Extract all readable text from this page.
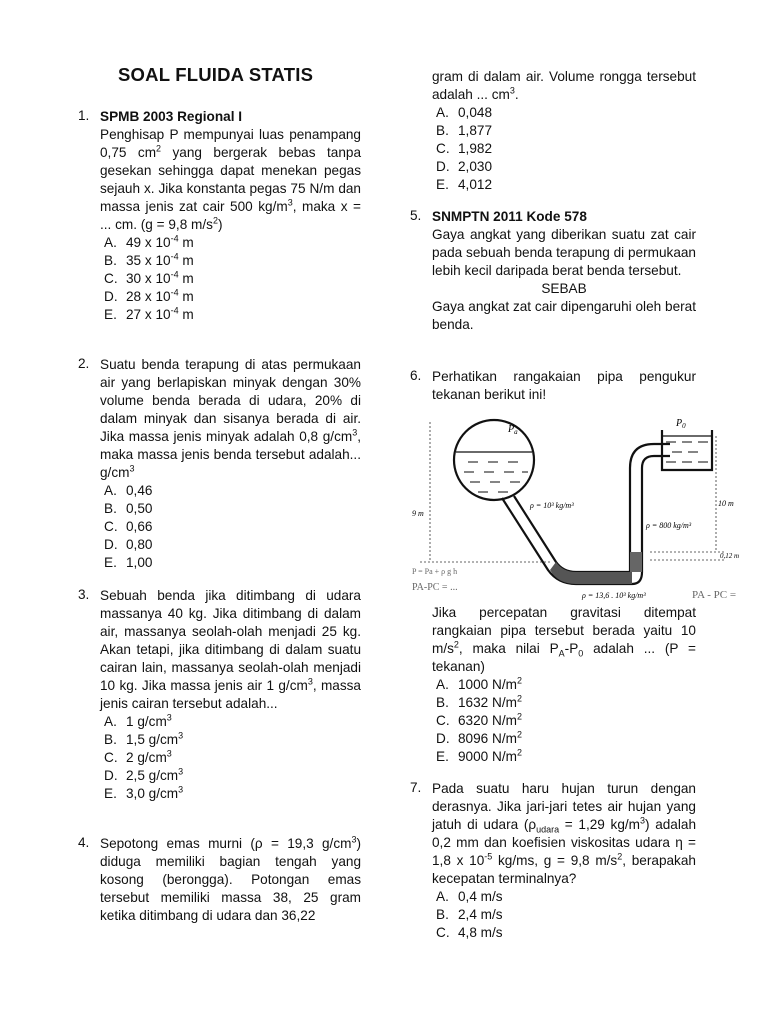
SOAL FLUIDA STATIS
1. SPMB 2003 Regional I
Penghisap P mempunyai luas penampang 0,75 $cm^2$ yang bergerak bebas tanpa gesekan sehingga dapat menekan pegas sejauh x. Jika konstanta pegas 75 N/m dan massa jenis zat cair 500 $kg/m^3$, maka x = ... cm. (g = 9,8 $m/s^2$)
A. 49 x $10^{-4}$ m
B. 35 x $10^{-4}$ m
C. 30 x $10^{-4}$ m
D. 28 x $10^{-4}$ m
E. 27 x $10^{-4}$ m
2. Suatu benda terapung di atas permukaan air yang berlapiskan minyak dengan 30% volume benda berada di udara, 20% di dalam minyak dan sisanya berada di air. Jika massa jenis minyak adalah 0,8 $g/cm^3$, maka massa jenis benda tersebut adalah... $g/cm^3$
A. 0,46
B. 0,50
C. 0,66
D. 0,80
E. 1,00
3. Sebuah benda jika ditimbang di udara massanya 40 kg. Jika ditimbang di dalam air, massanya seolah-olah menjadi 25 kg. Akan tetapi, jika ditimbang di dalam suatu cairan lain, massanya seolah-olah menjadi 10 kg. Jika massa jenis air 1 $g/cm^3$, massa jenis cairan tersebut adalah...
A. 1 $g/cm^3$
B. 1,5 $g/cm^3$
C. 2 $g/cm^3$
D. 2,5 $g/cm^3$
E. 3,0 $g/cm^3$
4. Sepotong emas murni (ρ = 19,3 $g/cm^3$) diduga memiliki bagian tengah yang kosong (berongga). Potongan emas tersebut memiliki massa 38, 25 gram ketika ditimbang di udara dan 36,22
gram di dalam air. Volume rongga tersebut adalah ... $cm^3$.
A. 0,048
B. 1,877
C. 1,982
D. 2,030
E. 4,012
5. SNMPTN 2011 Kode 578
Gaya angkat yang diberikan suatu zat cair pada sebuah benda terapung di permukaan lebih kecil daripada berat benda tersebut.
SEBAB
Gaya angkat zat cair dipengaruhi oleh berat benda.
6. Perhatikan rangakaian pipa pengukur tekanan berikut ini!
$P_a$
$P_0$
ρ = 10³ kg/m³
ρ = 800 kg/m³
ρ = 13,6 . 10³ kg/m³
9 m
10 m
0,12 m
P = Pa + ρ g h
PA-PC = ...
PA - PC =
Jika percepatan gravitasi ditempat rangkaian pipa tersebut berada yaitu 10 $m/s^2$, maka nilai $P_A-P_0$ adalah ... (P = tekanan)
A. 1000 $N/m^2$
B. 1632 $N/m^2$
C. 6320 $N/m^2$
D. 8096 $N/m^2$
E. 9000 $N/m^2$
7. Pada suatu haru hujan turun dengan derasnya. Jika jari-jari tetes air hujan yang jatuh di udara ($\rho_{udara} = 1,29$ $kg/m^3$) adalah 0,2 mm dan koefisien viskositas udara η = 1,8 x $10^{-5}$ kg/ms, g = 9,8 $m/s^2$, berapakah kecepatan terminalnya?
A. 0,4 m/s
B. 2,4 m/s
C. 4,8 m/s
